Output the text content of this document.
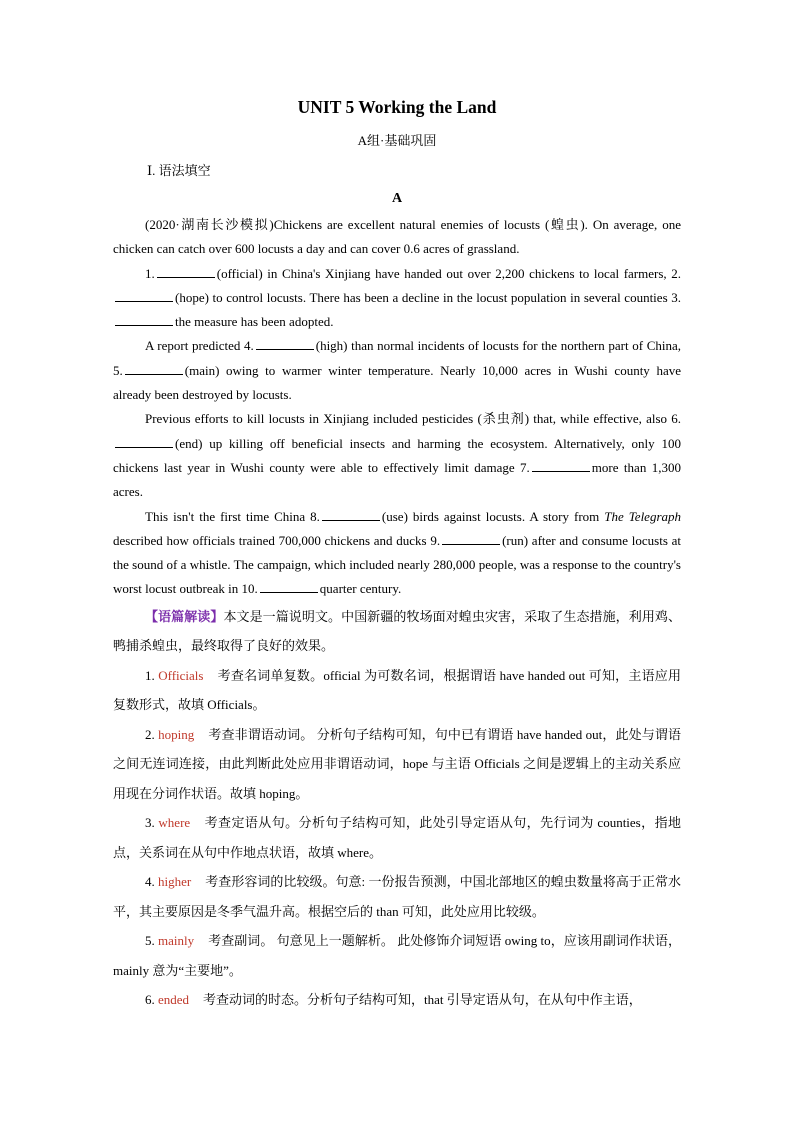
UNIT 5 Working the Land
A组·基础巩固
Ⅰ. 语法填空
A

(2020·湖南长沙模拟)Chickens are excellent natural enemies of locusts (蝗虫). On average, one chicken can catch over 600 locusts a day and can cover 0.6 acres of grassland.

1.	(official) in China's Xinjiang have handed out over 2,200 chickens to local farmers, 2.(hope) to control locusts. There has been a decline in the locust population in several counties 3.the measure has been adopted.

A report predicted 4.	(high) than normal incidents of locusts for the northern part of China, 5.	(main) owing to warmer winter temperature. Nearly 10,000 acres in Wushi county have already been destroyed by locusts.

Previous efforts to kill locusts in Xinjiang included pesticides (杀虫剂) that, while effective, also 6.(end) up killing off beneficial insects and harming the ecosystem. Alternatively, only 100 chickens last year in Wushi county were able to effectively limit damage 7.	more than 1,300 acres.

This isn't the first time China 8.	(use) birds against locusts. A story from The Telegraph described how officials trained 700,000 chickens and ducks 9.	(run) after and consume locusts at the sound of a whistle. The campaign, which included nearly 280,000 people, was a response to the country's worst locust outbreak in 10.	quarter century.

【语篇解读】本文是一篇说明文。中国新疆的牧场面对蝗虫灾害，采取了生态措施，利用鸡、鸭捕杀蝗虫，最终取得了良好的效果。

1. Officials 考查名词单复数。official 为可数名词，根据谓语 have handed out 可知，主语应用复数形式，故填 Officials。

2. hoping 考查非谓语动词。 分析句子结构可知，句中已有谓语 have handed out，此处与谓语之间无连词连接，由此判断此处应用非谓语动词，hope 与主语 Officials 之间是逻辑上的主动关系应用现在分词作状语。故填 hoping。

3. where 考查定语从句。分析句子结构可知，此处引导定语从句，先行词为 counties，指地点，关系词在从句中作地点状语，故填 where。

4. higher 考查形容词的比较级。句意: 一份报告预测，中国北部地区的蝗虫数量将高于正常水平，其主要原因是冬季气温升高。根据空后的 than 可知，此处应用比较级。

5. mainly 考查副词。 句意见上一题解析。 此处修饰介词短语 owing to，应该用副词作状语，mainly 意为“主要地”。

6. ended 考查动词的时态。分析句子结构可知，that 引导定语从句，在从句中作主语，
